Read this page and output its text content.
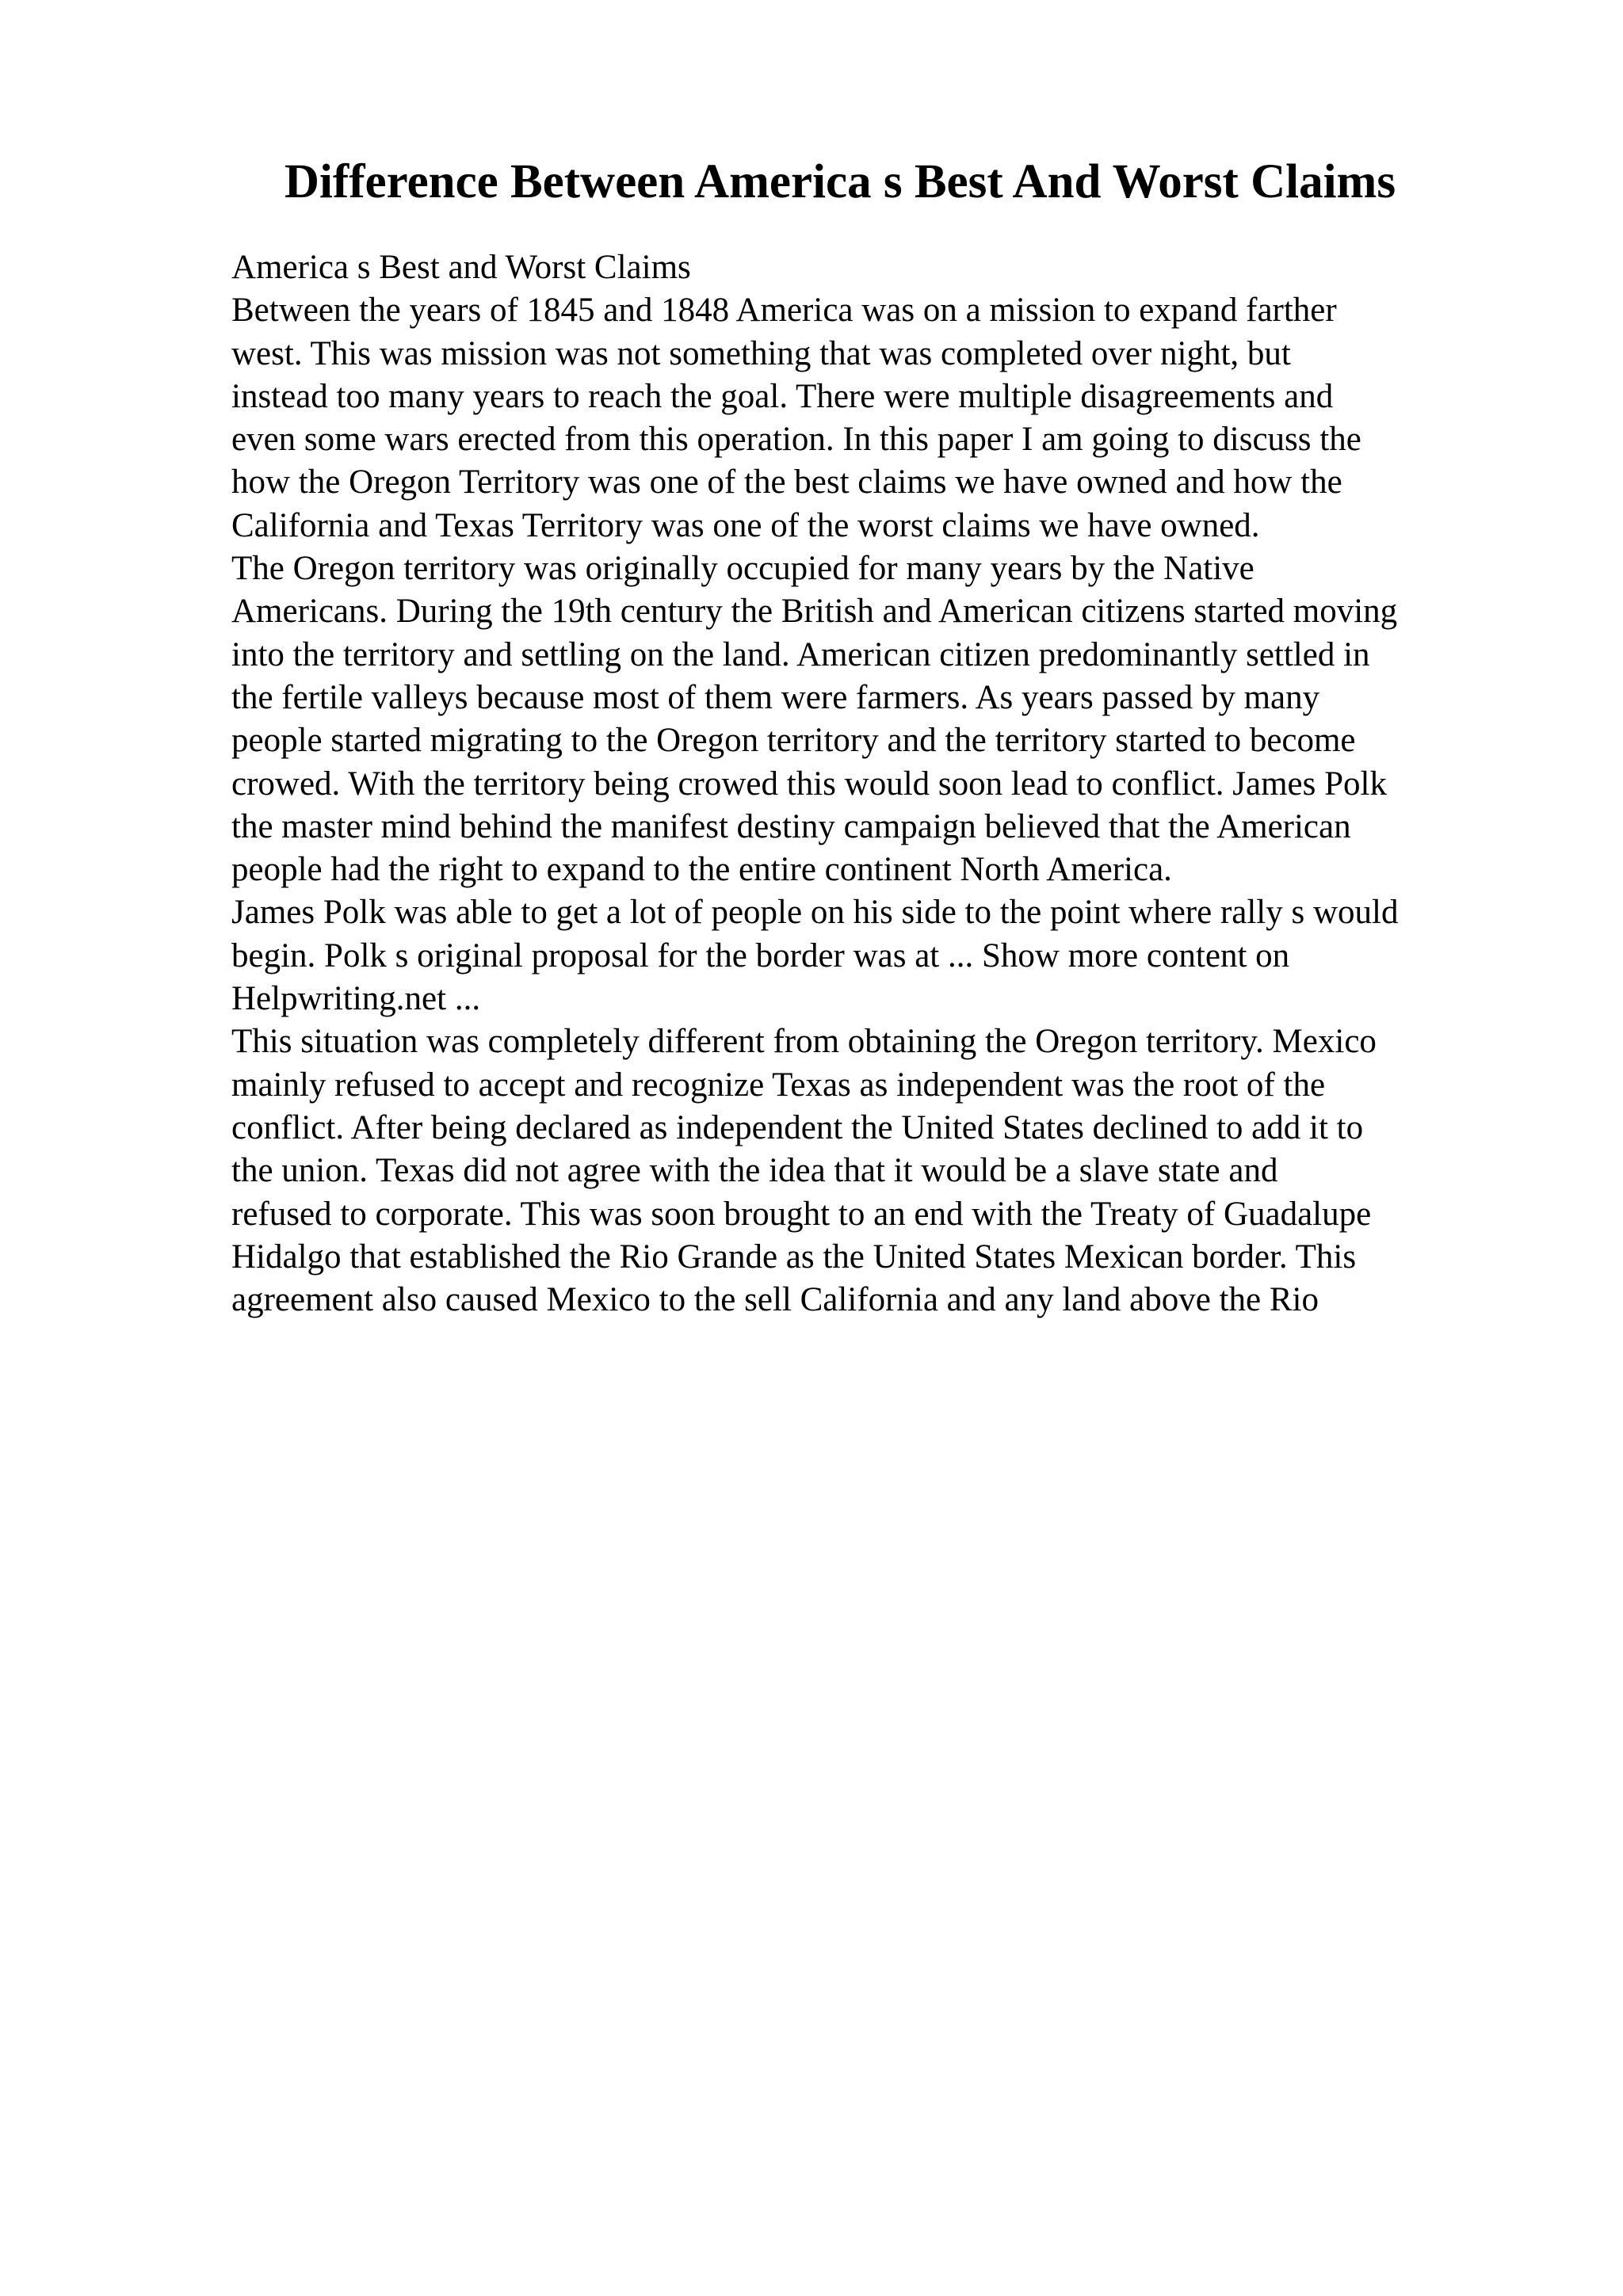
Difference Between America s Best And Worst Claims
America s Best and Worst Claims
Between the years of 1845 and 1848 America was on a mission to expand farther
west. This was mission was not something that was completed over night, but
instead too many years to reach the goal. There were multiple disagreements and
even some wars erected from this operation. In this paper I am going to discuss the
how the Oregon Territory was one of the best claims we have owned and how the
California and Texas Territory was one of the worst claims we have owned.
The Oregon territory was originally occupied for many years by the Native
Americans. During the 19th century the British and American citizens started moving
into the territory and settling on the land. American citizen predominantly settled in
the fertile valleys because most of them were farmers. As years passed by many
people started migrating to the Oregon territory and the territory started to become
crowed. With the territory being crowed this would soon lead to conflict. James Polk
the master mind behind the manifest destiny campaign believed that the American
people had the right to expand to the entire continent North America.
James Polk was able to get a lot of people on his side to the point where rally s would
begin. Polk s original proposal for the border was at ... Show more content on
Helpwriting.net ...
This situation was completely different from obtaining the Oregon territory. Mexico
mainly refused to accept and recognize Texas as independent was the root of the
conflict. After being declared as independent the United States declined to add it to
the union. Texas did not agree with the idea that it would be a slave state and
refused to corporate. This was soon brought to an end with the Treaty of Guadalupe
Hidalgo that established the Rio Grande as the United States Mexican border. This
agreement also caused Mexico to the sell California and any land above the Rio
